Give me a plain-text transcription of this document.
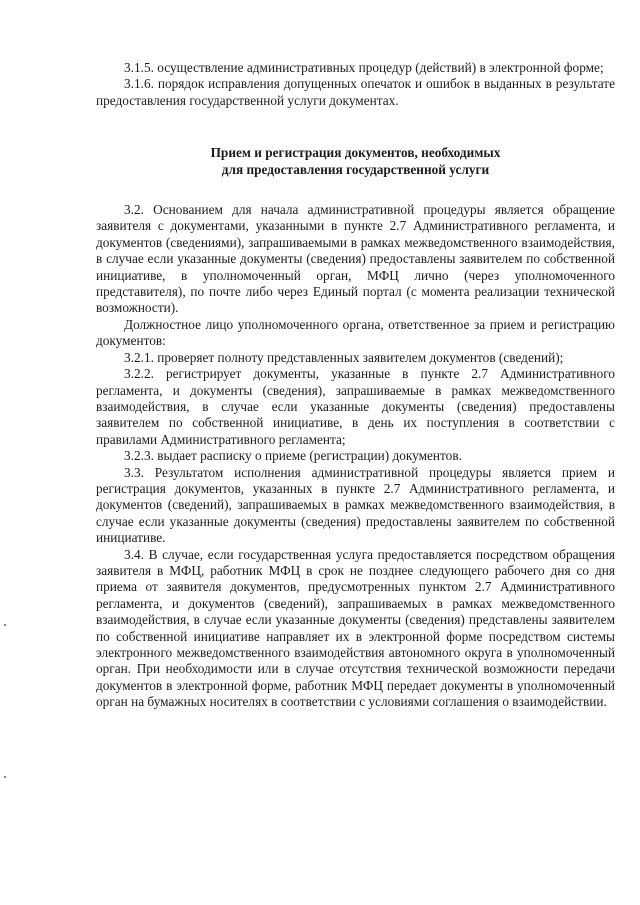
3.1.5. осуществление административных процедур (действий) в электронной форме;

3.1.6. порядок исправления допущенных опечаток и ошибок в выданных в результате предоставления государственной услуги документах.

Прием и регистрация документов, необходимых
для предоставления государственной услуги

3.2. Основанием для начала административной процедуры является обращение заявителя с документами, указанными в пункте 2.7 Административного регламента, и документов (сведениями), запрашиваемыми в рамках межведомственного взаимодействия, в случае если указанные документы (сведения) предоставлены заявителем по собственной инициативе, в уполномоченный орган, МФЦ лично (через уполномоченного представителя), по почте либо через Единый портал (с момента реализации технической возможности).

Должностное лицо уполномоченного органа, ответственное за прием и регистрацию документов:

3.2.1. проверяет полноту представленных заявителем документов (сведений);

3.2.2. регистрирует документы, указанные в пункте 2.7 Административного регламента, и документы (сведения), запрашиваемые в рамках межведомственного взаимодействия, в случае если указанные документы (сведения) предоставлены заявителем по собственной инициативе, в день их поступления в соответствии с правилами Административного регламента;

3.2.3. выдает расписку о приеме (регистрации) документов.

3.3. Результатом исполнения административной процедуры является прием и регистрация документов, указанных в пункте 2.7 Административного регламента, и документов (сведений), запрашиваемых в рамках межведомственного взаимодействия, в случае если указанные документы (сведения) предоставлены заявителем по собственной инициативе.

3.4. В случае, если государственная услуга предоставляется посредством обращения заявителя в МФЦ, работник МФЦ в срок не позднее следующего рабочего дня со дня приема от заявителя документов, предусмотренных пунктом 2.7 Административного регламента, и документов (сведений), запрашиваемых в рамках межведомственного взаимодействия, в случае если указанные документы (сведения) представлены заявителем по собственной инициативе направляет их в электронной форме посредством системы электронного межведомственного взаимодействия автономного округа в уполномоченный орган. При необходимости или в случае отсутствия технической возможности передачи документов в электронной форме, работник МФЦ передает документы в уполномоченный орган на бумажных носителях в соответствии с условиями соглашения о взаимодействии.
